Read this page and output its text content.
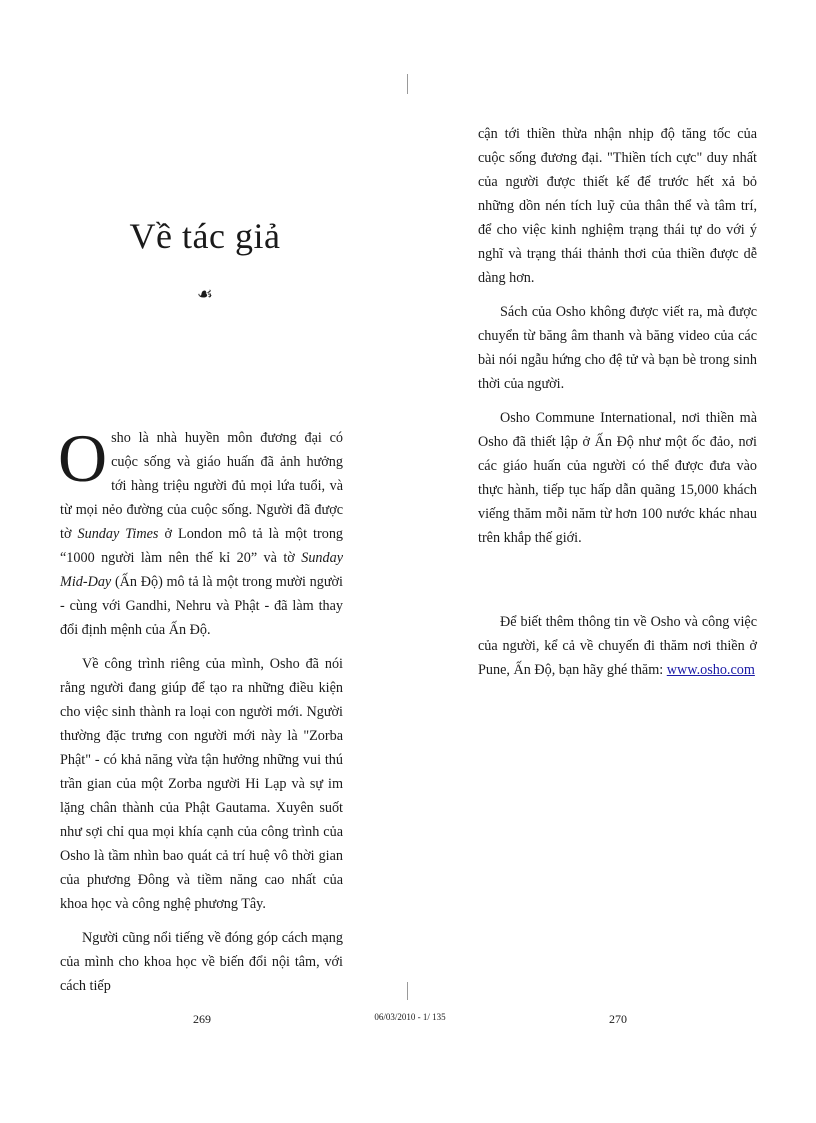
Về tác giả
☙

Osho là nhà huyền môn đương đại có cuộc sống và giáo huấn đã ảnh hưởng tới hàng triệu người đủ mọi lứa tuổi, và từ mọi nẻo đường của cuộc sống. Người đã được tờ Sunday Times ở London mô tả là một trong “1000 người làm nên thế kỉ 20” và tờ Sunday Mid-Day (Ấn Độ) mô tả là một trong mười người - cùng với Gandhi, Nehru và Phật - đã làm thay đổi định mệnh của Ấn Độ.

Về công trình riêng của mình, Osho đã nói rằng người đang giúp để tạo ra những điều kiện cho việc sinh thành ra loại con người mới. Người thường đặc trưng con người mới này là "Zorba Phật" - có khả năng vừa tận hưởng những vui thú trần gian của một Zorba người Hi Lạp và sự im lặng chân thành của Phật Gautama. Xuyên suốt như sợi chỉ qua mọi khía cạnh của công trình của Osho là tầm nhìn bao quát cả trí huệ vô thời gian của phương Đông và tiềm năng cao nhất của khoa học và công nghệ phương Tây.

Người cũng nổi tiếng về đóng góp cách mạng của mình cho khoa học về biến đổi nội tâm, với cách tiếp

cận tới thiền thừa nhận nhịp độ tăng tốc của cuộc sống đương đại. "Thiền tích cực" duy nhất của người được thiết kế để trước hết xả bỏ những dồn nén tích luỹ của thân thể và tâm trí, để cho việc kinh nghiệm trạng thái tự do với ý nghĩ và trạng thái thảnh thơi của thiền được dễ dàng hơn.

Sách của Osho không được viết ra, mà được chuyển từ băng âm thanh và băng video của các bài nói ngẫu hứng cho đệ tử và bạn bè trong sinh thời của người.

Osho Commune International, nơi thiền mà Osho đã thiết lập ở Ấn Độ như một ốc đảo, nơi các giáo huấn của người có thể được đưa vào thực hành, tiếp tục hấp dẫn quãng 15,000 khách viếng thăm mỗi năm từ hơn 100 nước khác nhau trên khắp thế giới.

Để biết thêm thông tin về Osho và công việc của người, kể cả về chuyến đi thăm nơi thiền ở Pune, Ấn Độ, bạn hãy ghé thăm: www.osho.com

269	06/03/2010 - 1/ 135	270
